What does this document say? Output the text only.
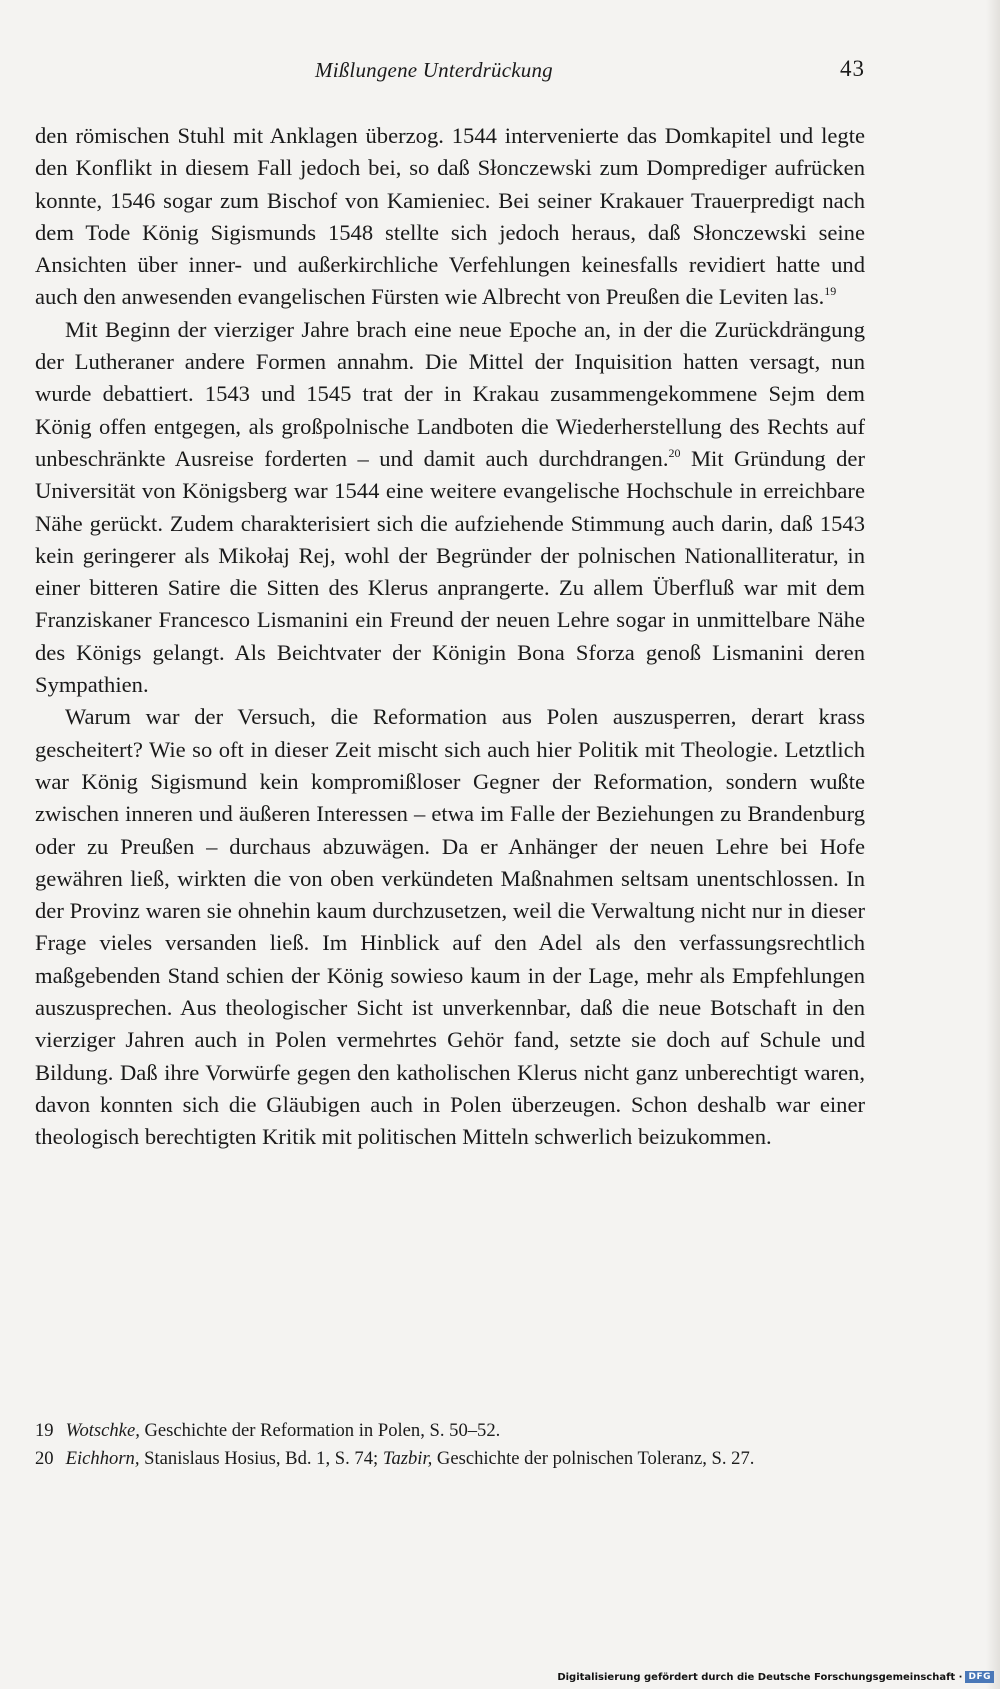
Mißlungene Unterdrückung	43

den römischen Stuhl mit Anklagen überzog. 1544 intervenierte das Domkapitel und legte den Konflikt in diesem Fall jedoch bei, so daß Słonczewski zum Domprediger aufrücken konnte, 1546 sogar zum Bischof von Kamieniec. Bei seiner Krakauer Trauerpredigt nach dem Tode König Sigismunds 1548 stellte sich jedoch heraus, daß Słonczewski seine Ansichten über inner- und außerkirchliche Verfehlungen keinesfalls revidiert hatte und auch den anwesenden evangelischen Fürsten wie Albrecht von Preußen die Leviten las.$^{19}$

Mit Beginn der vierziger Jahre brach eine neue Epoche an, in der die Zurückdrängung der Lutheraner andere Formen annahm. Die Mittel der Inquisition hatten versagt, nun wurde debattiert. 1543 und 1545 trat der in Krakau zusammengekommene Sejm dem König offen entgegen, als großpolnische Landboten die Wiederherstellung des Rechts auf unbeschränkte Ausreise forderten – und damit auch durchdrangen.$^{20}$ Mit Gründung der Universität von Königsberg war 1544 eine weitere evangelische Hochschule in erreichbare Nähe gerückt. Zudem charakterisiert sich die aufziehende Stimmung auch darin, daß 1543 kein geringerer als Mikołaj Rej, wohl der Begründer der polnischen Nationalliteratur, in einer bitteren Satire die Sitten des Klerus anprangerte. Zu allem Überfluß war mit dem Franziskaner Francesco Lismanini ein Freund der neuen Lehre sogar in unmittelbare Nähe des Königs gelangt. Als Beichtvater der Königin Bona Sforza genoß Lismanini deren Sympathien.

Warum war der Versuch, die Reformation aus Polen auszusperren, derart krass gescheitert? Wie so oft in dieser Zeit mischt sich auch hier Politik mit Theologie. Letztlich war König Sigismund kein kompromißloser Gegner der Reformation, sondern wußte zwischen inneren und äußeren Interessen – etwa im Falle der Beziehungen zu Brandenburg oder zu Preußen – durchaus abzuwägen. Da er Anhänger der neuen Lehre bei Hofe gewähren ließ, wirkten die von oben verkündeten Maßnahmen seltsam unentschlossen. In der Provinz waren sie ohnehin kaum durchzusetzen, weil die Verwaltung nicht nur in dieser Frage vieles versanden ließ. Im Hinblick auf den Adel als den verfassungsrechtlich maßgebenden Stand schien der König sowieso kaum in der Lage, mehr als Empfehlungen auszusprechen. Aus theologischer Sicht ist unverkennbar, daß die neue Botschaft in den vierziger Jahren auch in Polen vermehrtes Gehör fand, setzte sie doch auf Schule und Bildung. Daß ihre Vorwürfe gegen den katholischen Klerus nicht ganz unberechtigt waren, davon konnten sich die Gläubigen auch in Polen überzeugen. Schon deshalb war einer theologisch berechtigten Kritik mit politischen Mitteln schwerlich beizukommen.

19 Wotschke, Geschichte der Reformation in Polen, S. 50–52.

20 Eichhorn, Stanislaus Hosius, Bd. 1, S. 74; Tazbir, Geschichte der polnischen Toleranz, S. 27.

Digitalisierung gefördert durch die Deutsche Forschungsgemeinschaft · DFG
